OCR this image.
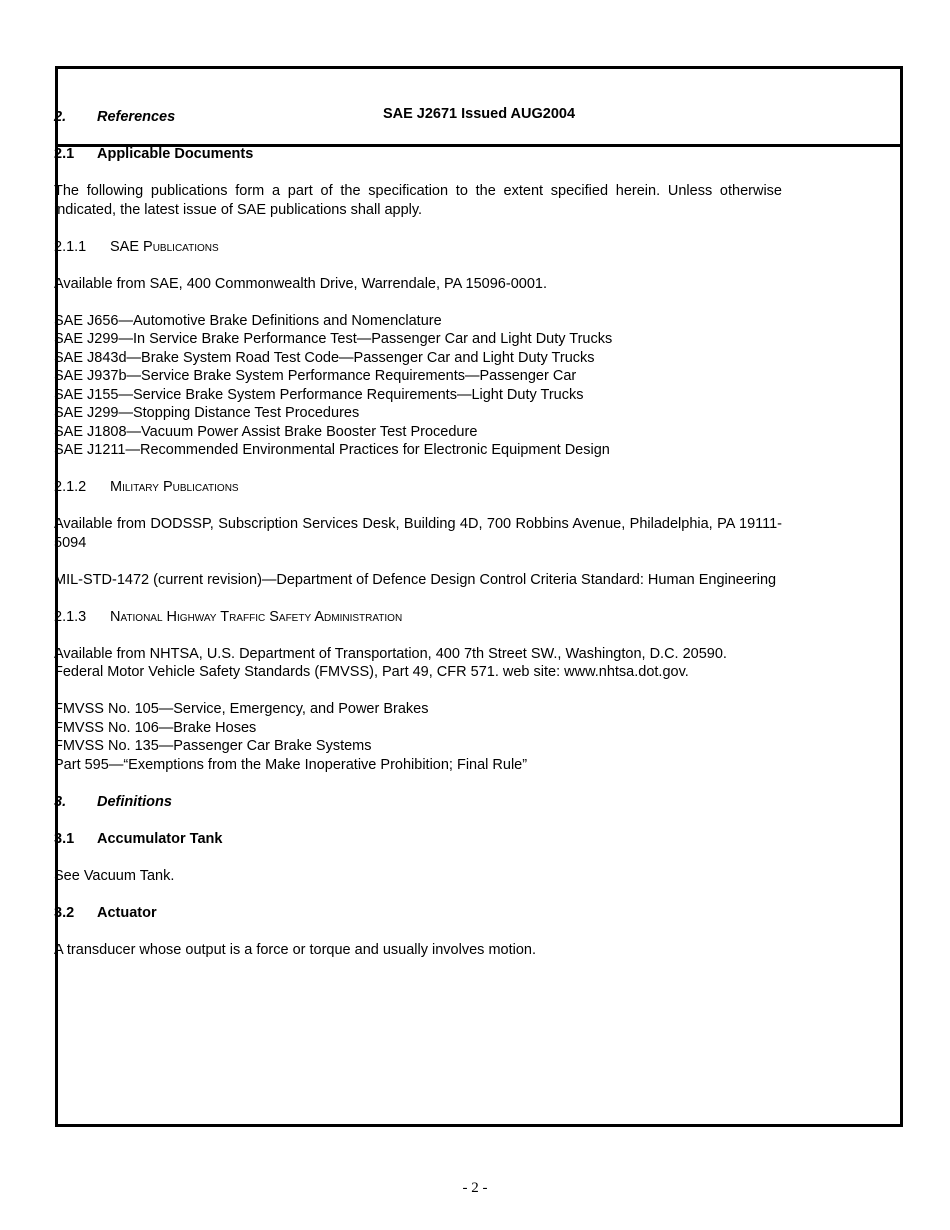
SAE J2671 Issued AUG2004

2.	References

2.1	Applicable Documents

The following publications form a part of the specification to the extent specified herein. Unless otherwise indicated, the latest issue of SAE publications shall apply.

2.1.1 SAE Publications

Available from SAE, 400 Commonwealth Drive, Warrendale, PA 15096-0001.

SAE J656—Automotive Brake Definitions and Nomenclature
SAE J299—In Service Brake Performance Test—Passenger Car and Light Duty Trucks
SAE J843d—Brake System Road Test Code—Passenger Car and Light Duty Trucks
SAE J937b—Service Brake System Performance Requirements—Passenger Car
SAE J155—Service Brake System Performance Requirements—Light Duty Trucks
SAE J299—Stopping Distance Test Procedures
SAE J1808—Vacuum Power Assist Brake Booster Test Procedure
SAE J1211—Recommended Environmental Practices for Electronic Equipment Design

2.1.2 Military Publications

Available from DODSSP, Subscription Services Desk, Building 4D, 700 Robbins Avenue, Philadelphia, PA 19111-5094

MIL-STD-1472 (current revision)—Department of Defence Design Control Criteria Standard: Human Engineering

2.1.3 National Highway Traffic Safety Administration

Available from NHTSA, U.S. Department of Transportation, 400 7th Street SW., Washington, D.C. 20590.
Federal Motor Vehicle Safety Standards (FMVSS), Part 49, CFR 571. web site: www.nhtsa.dot.gov.
FMVSS No. 105—Service, Emergency, and Power Brakes
FMVSS No. 106—Brake Hoses
FMVSS No. 135—Passenger Car Brake Systems
Part 595—“Exemptions from the Make Inoperative Prohibition; Final Rule”

3.	Definitions

3.1	Accumulator Tank

See Vacuum Tank.

3.2	Actuator

A transducer whose output is a force or torque and usually involves motion.

- 2 -
